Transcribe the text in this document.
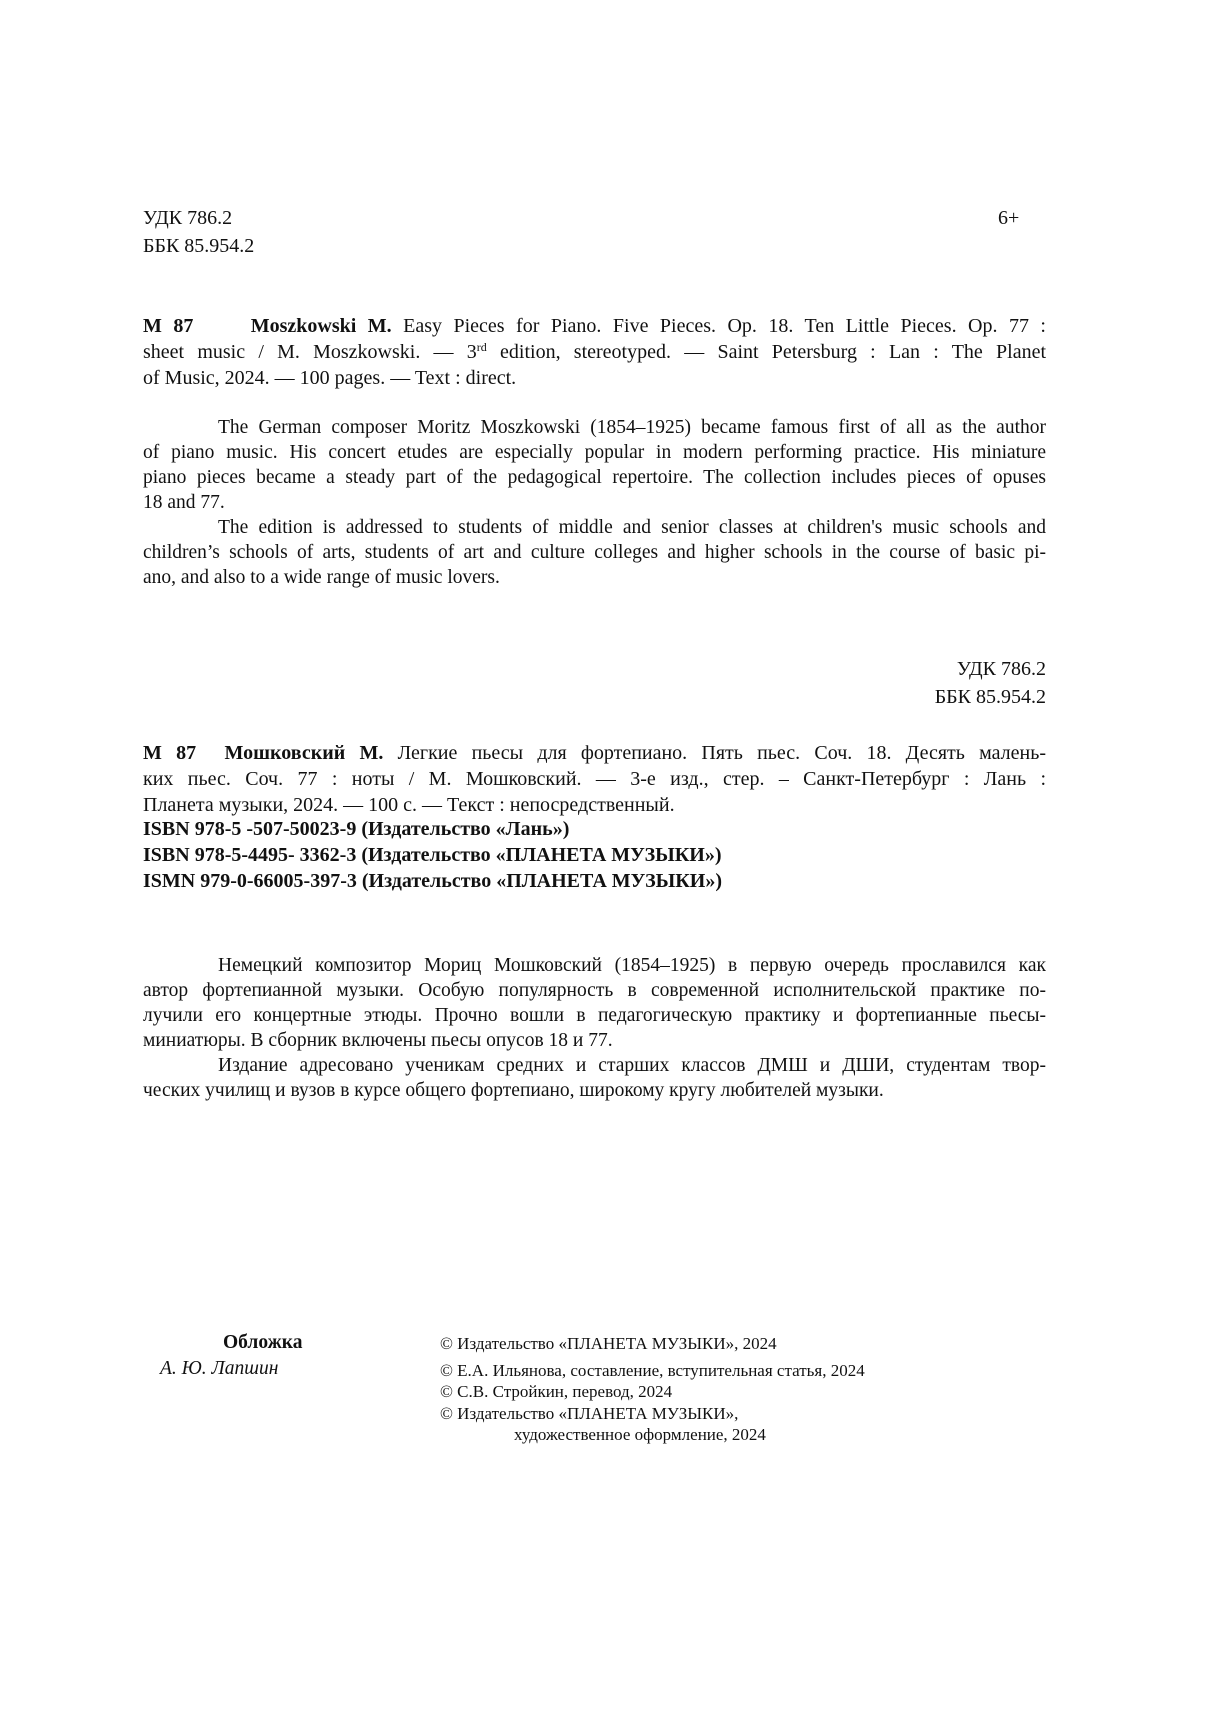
УДК 786.2
ББК 85.954.2
6+
M 87	Moszkowski M. Easy Pieces for Piano. Five Pieces. Op. 18. Ten Little Pieces. Op. 77 :
sheet music / M. Moszkowski. — 3rd edition, stereotyped. — Saint Petersburg : Lan : The Planet
of Music, 2024. — 100 pages. — Text : direct.
The German composer Moritz Moszkowski (1854–1925) became famous first of all as the author
of piano music. His concert etudes are especially popular in modern performing practice. His miniature
piano pieces became a steady part of the pedagogical repertoire. The collection includes pieces of opuses
18 and 77.
The edition is addressed to students of middle and senior classes at children's music schools and
children’s schools of arts, students of art and culture colleges and higher schools in the course of basic pi-
ano, and also to a wide range of music lovers.
УДК 786.2
ББК 85.954.2
М 87 Мошковский М. Легкие пьесы для фортепиано. Пять пьес. Соч. 18. Десять малень-
ких пьес. Соч. 77 : ноты / М. Мошковский. — 3-е изд., стер. – Санкт-Петербург : Лань :
Планета музыки, 2024. — 100 с. — Текст : непосредственный.
ISBN 978-5 -507-50023-9 (Издательство «Лань»)
ISBN 978-5-4495- 3362-3 (Издательство «ПЛАНЕТА МУЗЫКИ»)
ISMN 979-0-66005-397-3 (Издательство «ПЛАНЕТА МУЗЫКИ»)
Немецкий композитор Мориц Мошковский (1854–1925) в первую очередь прославился как
автор фортепианной музыки. Особую популярность в современной исполнительской практике по-
лучили его концертные этюды. Прочно вошли в педагогическую практику и фортепианные пьесы-
миниатюры. В сборник включены пьесы опусов 18 и 77.
Издание адресовано ученикам средних и старших классов ДМШ и ДШИ, студентам твор-
ческих училищ и вузов в курсе общего фортепиано, широкому кругу любителей музыки.
Обложка
А. Ю. Лапшин
© Издательство «ПЛАНЕТА МУЗЫКИ», 2024
© Е.А. Ильянова, составление, вступительная статья, 2024
© С.В. Стройкин, перевод, 2024
© Издательство «ПЛАНЕТА МУЗЫКИ»,
художественное оформление, 2024
